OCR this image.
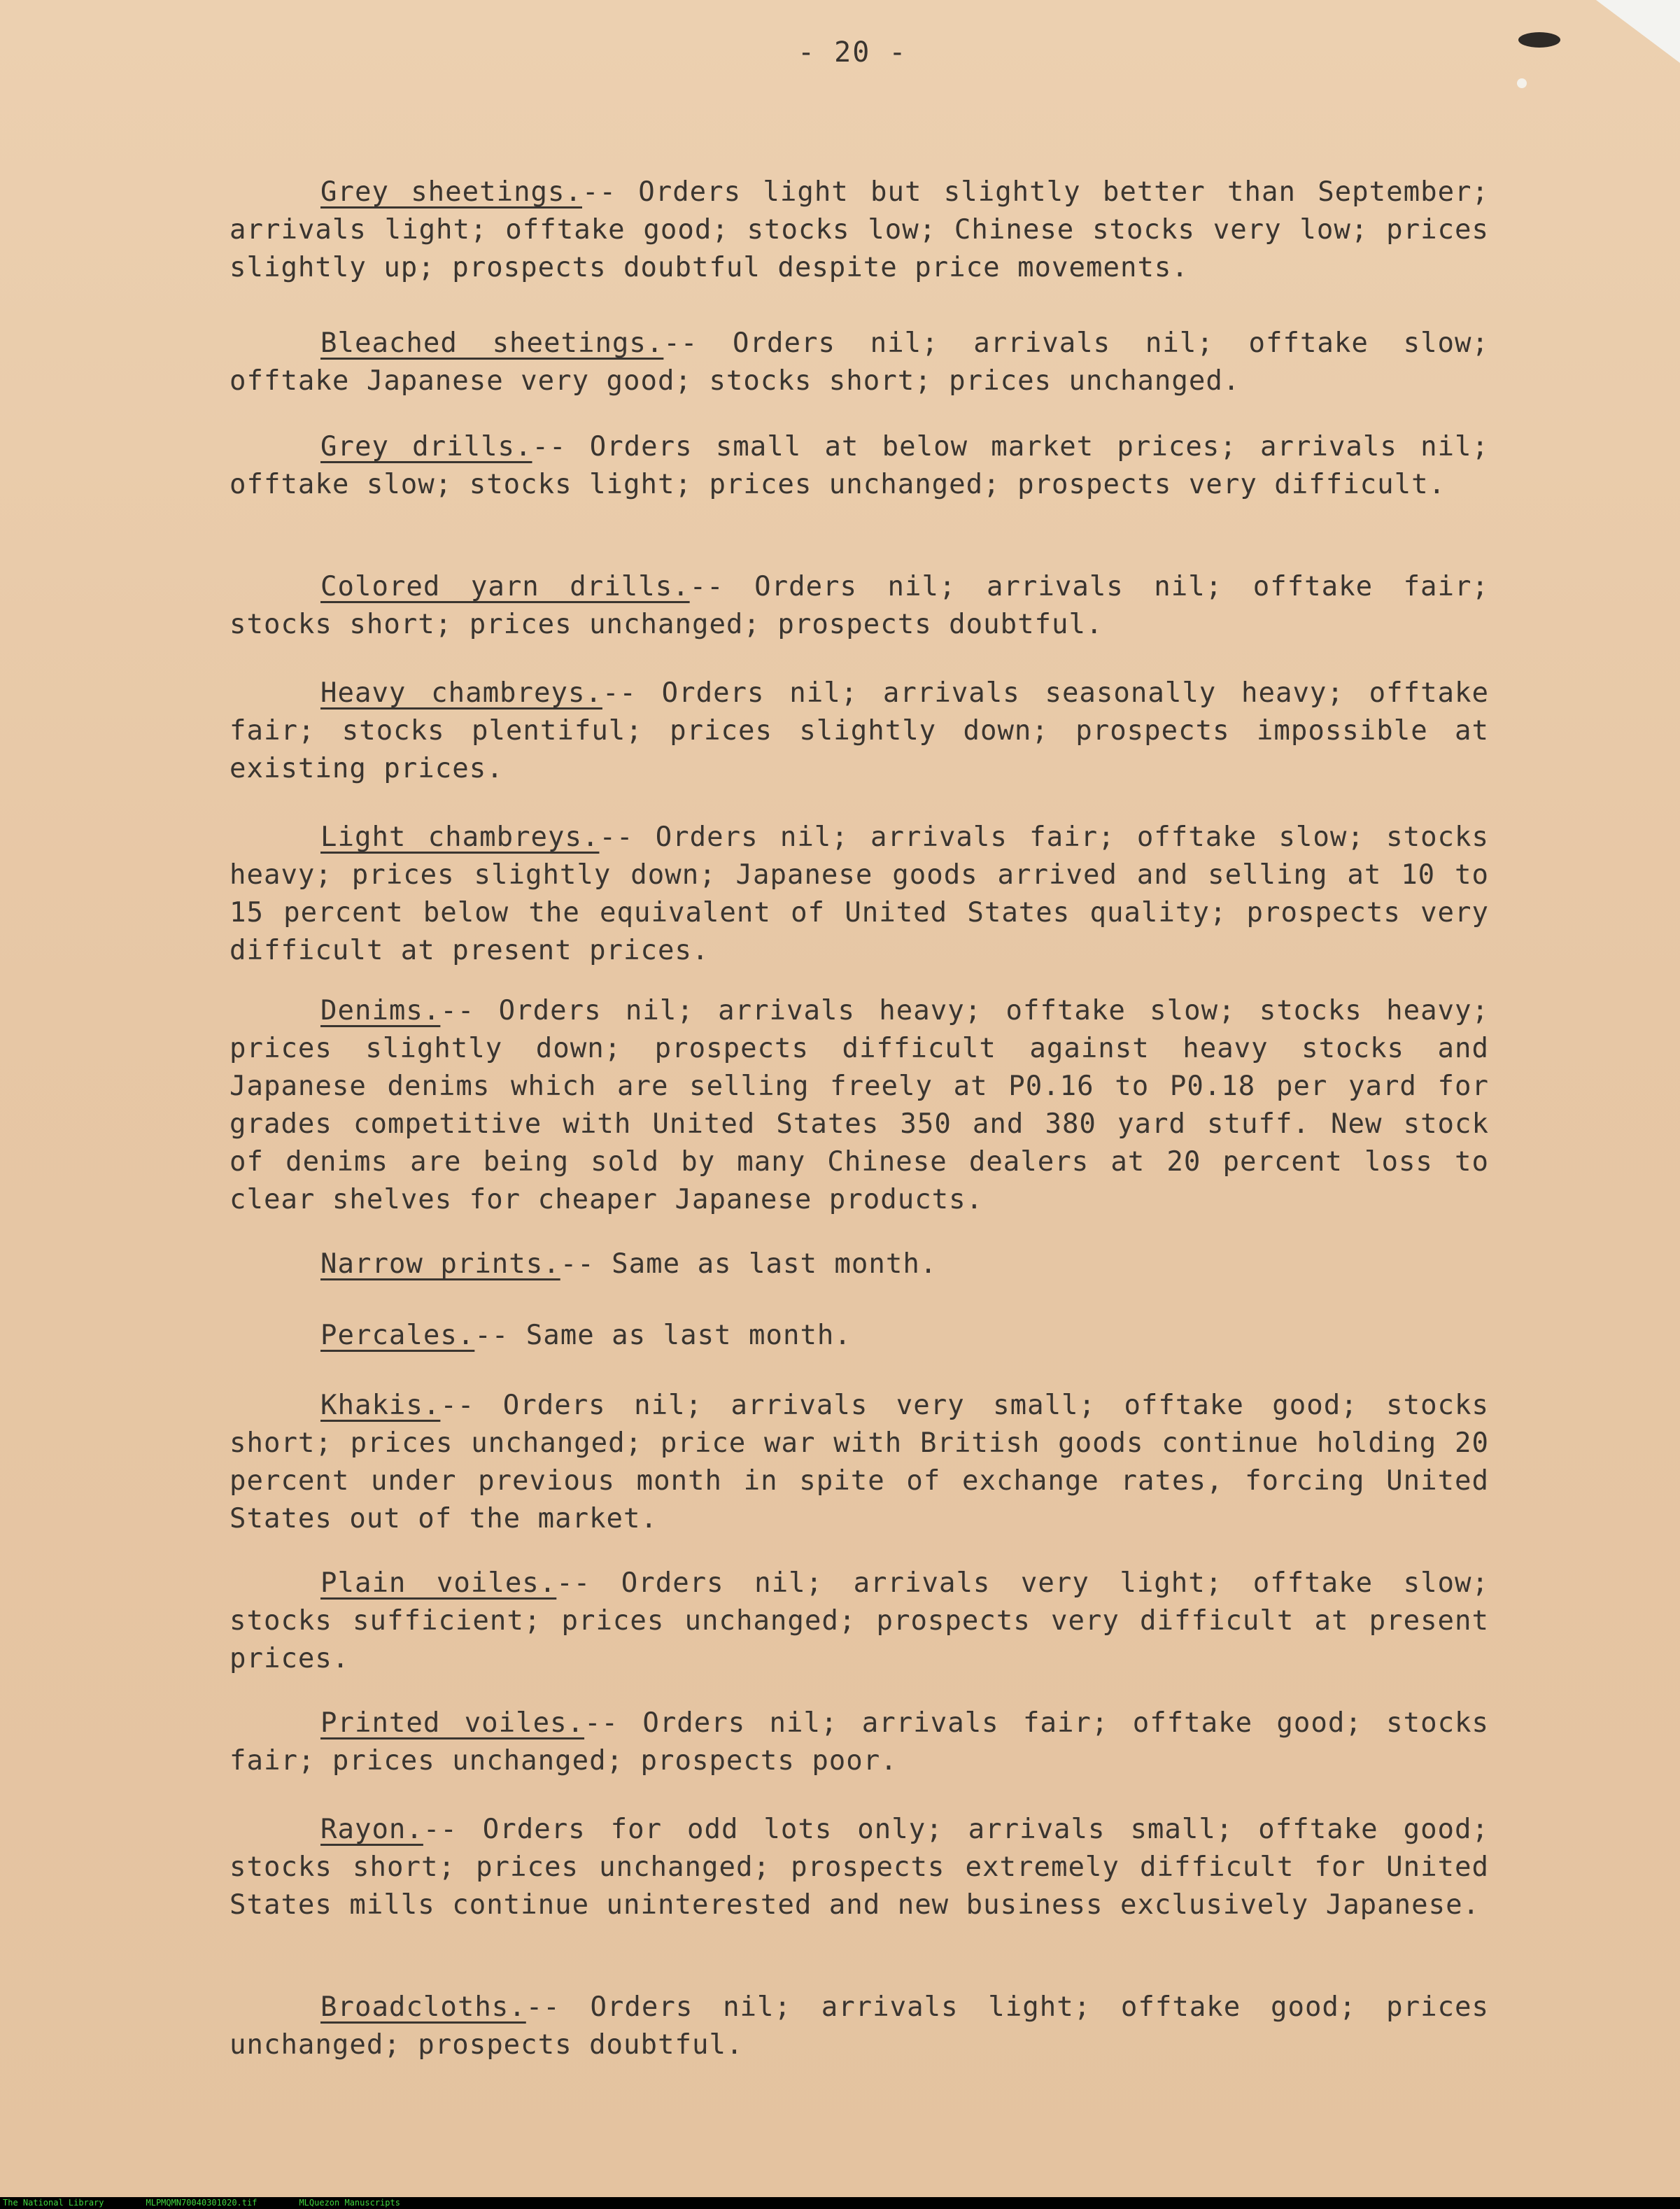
- 20 -

Grey sheetings.-- Orders light but slightly better than September; arrivals light; offtake good; stocks low; Chinese stocks very low; prices slightly up; prospects doubtful despite price movements.

Bleached sheetings.-- Orders nil; arrivals nil; offtake slow; offtake Japanese very good; stocks short; prices unchanged.

Grey drills.-- Orders small at below market prices; arrivals nil; offtake slow; stocks light; prices unchanged; prospects very difficult.

Colored yarn drills.-- Orders nil; arrivals nil; offtake fair; stocks short; prices unchanged; prospects doubtful.

Heavy chambreys.-- Orders nil; arrivals seasonally heavy; offtake fair; stocks plentiful; prices slightly down; prospects impossible at existing prices.

Light chambreys.-- Orders nil; arrivals fair; offtake slow; stocks heavy; prices slightly down; Japanese goods arrived and selling at 10 to 15 percent below the equivalent of United States quality; prospects very difficult at present prices.

Denims.-- Orders nil; arrivals heavy; offtake slow; stocks heavy; prices slightly down; prospects difficult against heavy stocks and Japanese denims which are selling freely at P0.16 to P0.18 per yard for grades competitive with United States 350 and 380 yard stuff. New stock of denims are being sold by many Chinese dealers at 20 percent loss to clear shelves for cheaper Japanese products.

Narrow prints.-- Same as last month.

Percales.-- Same as last month.

Khakis.-- Orders nil; arrivals very small; offtake good; stocks short; prices unchanged; price war with British goods continue holding 20 percent under previous month in spite of exchange rates, forcing United States out of the market.

Plain voiles.-- Orders nil; arrivals very light; offtake slow; stocks sufficient; prices unchanged; prospects very difficult at present prices.

Printed voiles.-- Orders nil; arrivals fair; offtake good; stocks fair; prices unchanged; prospects poor.

Rayon.-- Orders for odd lots only; arrivals small; offtake good; stocks short; prices unchanged; prospects extremely difficult for United States mills continue uninterested and new business exclusively Japanese.

Broadcloths.-- Orders nil; arrivals light; offtake good; prices unchanged; prospects doubtful.

The National Library	MLPMQMN70040301020.tif	MLQuezon Manuscripts
